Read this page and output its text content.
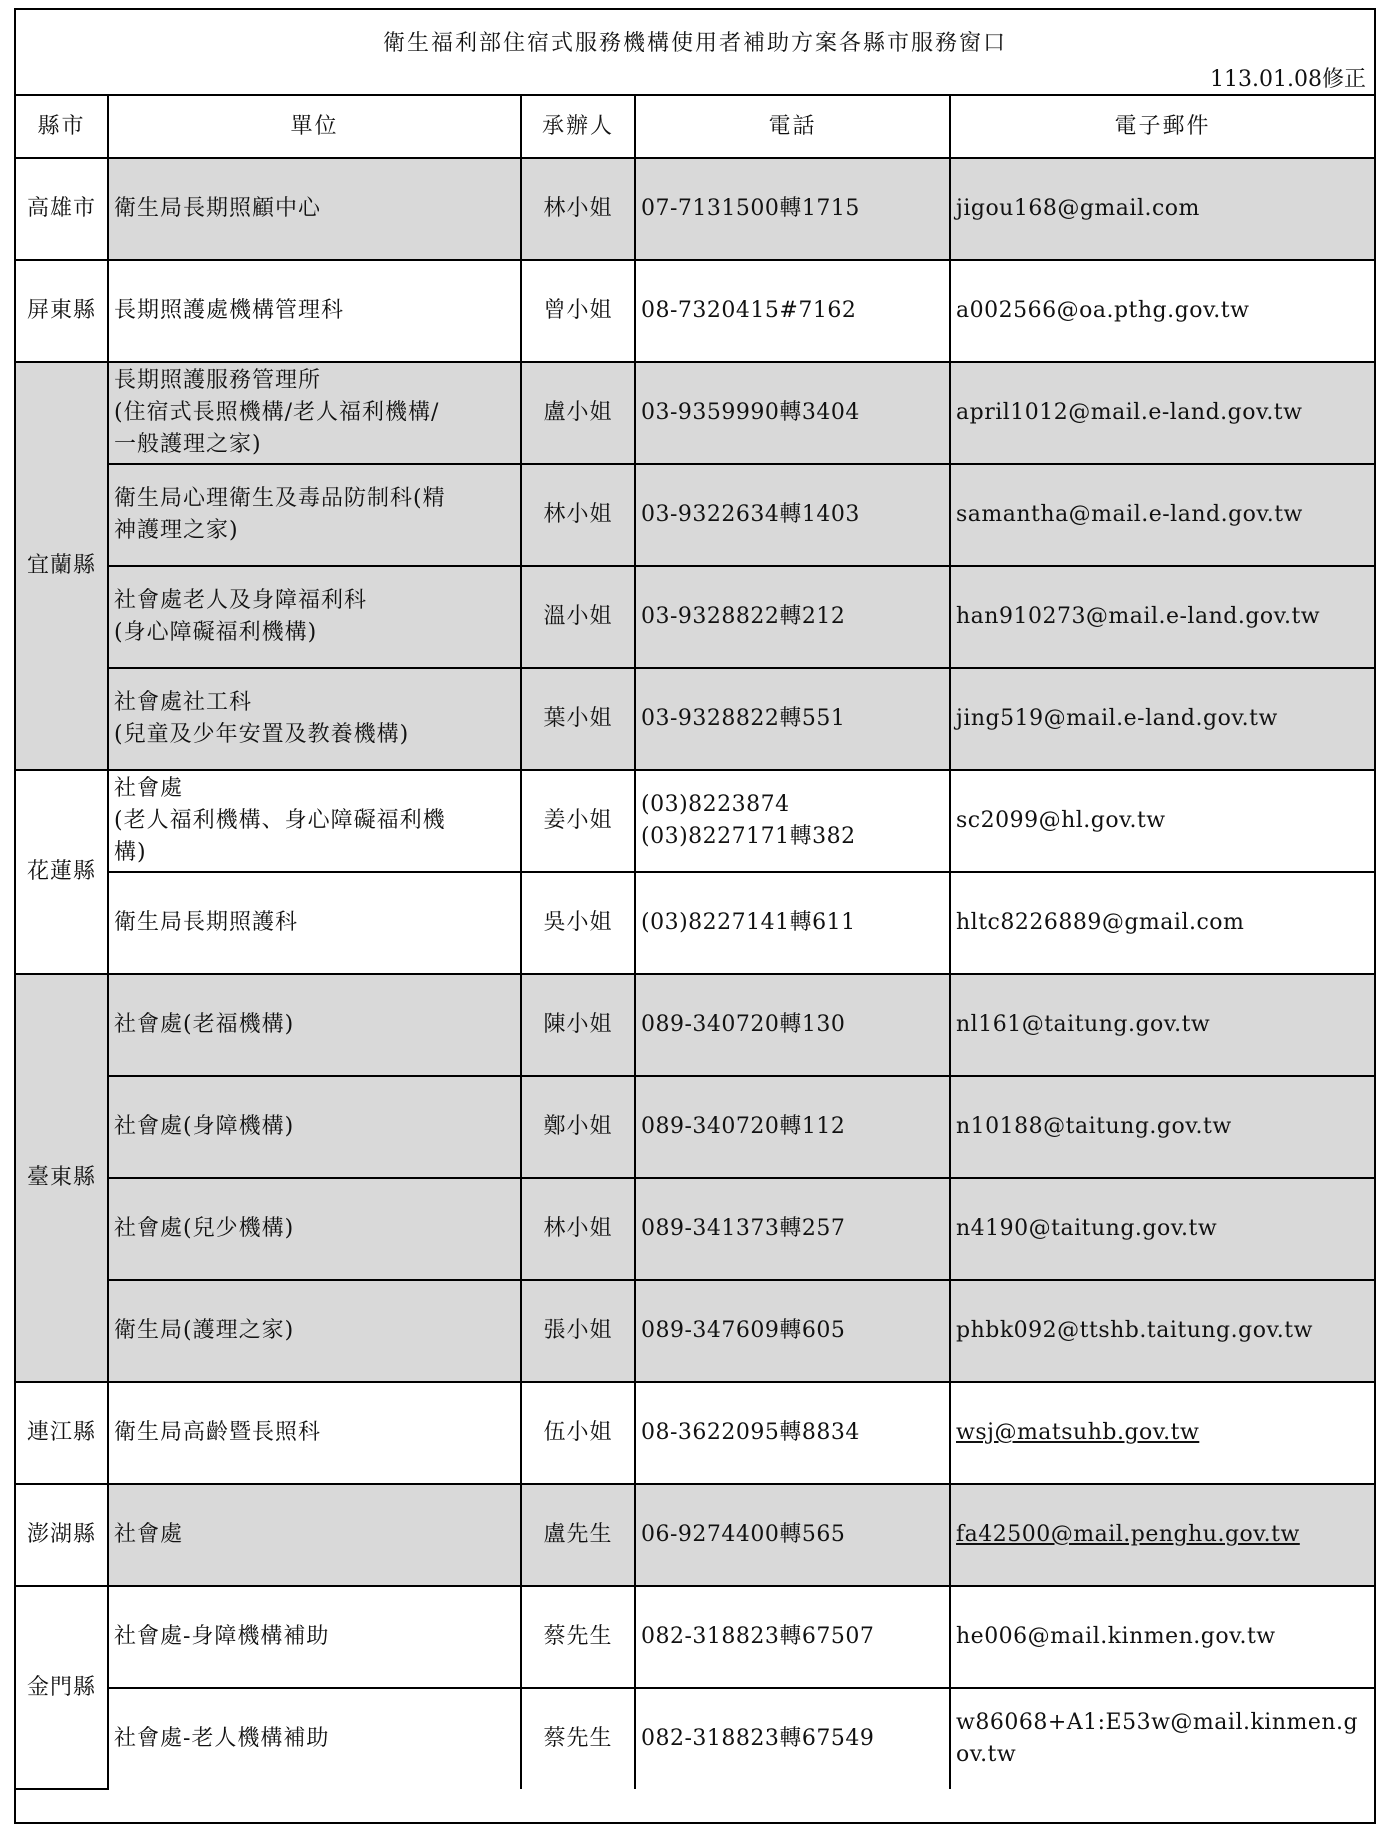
衛生福利部住宿式服務機構使用者補助方案各縣市服務窗口
113.01.08修正
縣市	單位	承辦人	電話	電子郵件
高雄市	衛生局長期照顧中心	林小姐	07-7131500轉1715	jigou168@gmail.com
屏東縣	長期照護處機構管理科	曾小姐	08-7320415#7162	a002566@oa.pthg.gov.tw
宜蘭縣	長期照護服務管理所
(住宿式長照機構/老人福利機構/
一般護理之家)	盧小姐	03-9359990轉3404	april1012@mail.e-land.gov.tw
	衛生局心理衛生及毒品防制科(精
神護理之家)	林小姐	03-9322634轉1403	samantha@mail.e-land.gov.tw
	社會處老人及身障福利科
(身心障礙福利機構)	溫小姐	03-9328822轉212	han910273@mail.e-land.gov.tw
	社會處社工科
(兒童及少年安置及教養機構)	葉小姐	03-9328822轉551	jing519@mail.e-land.gov.tw
花蓮縣	社會處
(老人福利機構、身心障礙福利機
構)	姜小姐	(03)8223874
(03)8227171轉382	sc2099@hl.gov.tw
	衛生局長期照護科	吳小姐	(03)8227141轉611	hltc8226889@gmail.com
臺東縣	社會處(老福機構)	陳小姐	089-340720轉130	nl161@taitung.gov.tw
	社會處(身障機構)	鄭小姐	089-340720轉112	n10188@taitung.gov.tw
	社會處(兒少機構)	林小姐	089-341373轉257	n4190@taitung.gov.tw
	衛生局(護理之家)	張小姐	089-347609轉605	phbk092@ttshb.taitung.gov.tw
連江縣	衛生局高齡暨長照科	伍小姐	08-3622095轉8834	wsj@matsuhb.gov.tw
澎湖縣	社會處	盧先生	06-9274400轉565	fa42500@mail.penghu.gov.tw
金門縣	社會處-身障機構補助	蔡先生	082-318823轉67507	he006@mail.kinmen.gov.tw
	社會處-老人機構補助	蔡先生	082-318823轉67549	w86068+A1:E53w@mail.kinmen.gov.tw
